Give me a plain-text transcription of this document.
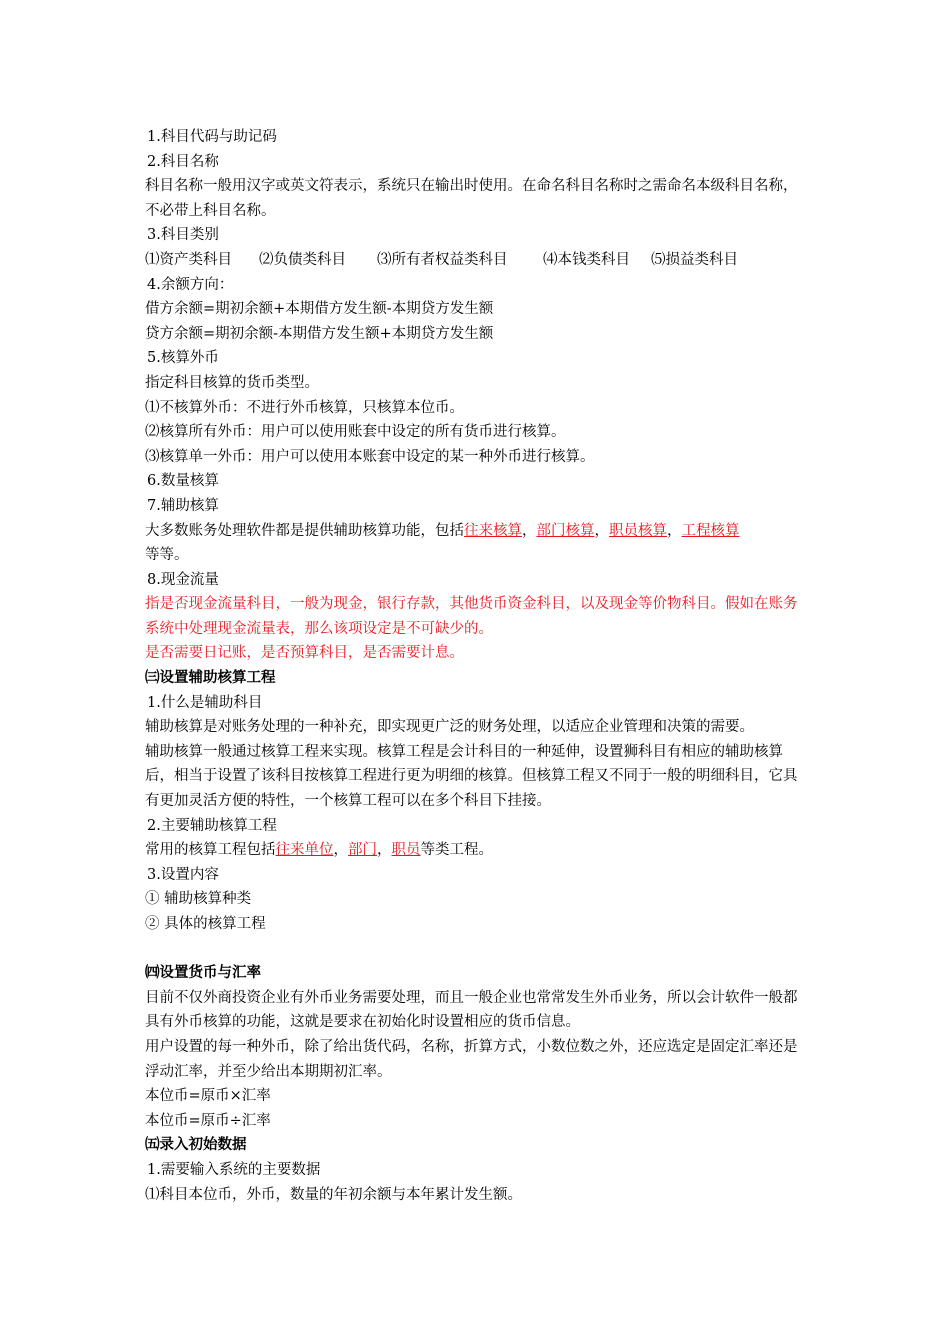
1.科目代码与助记码
2.科目名称
科目名称一般用汉字或英文符表示，系统只在输出时使用。在命名科目名称时之需命名本级科目名称，不必带上科目名称。
3.科目类别
⑴资产类科目 ⑵负债类科目 ⑶所有者权益类科目 ⑷本钱类科目 ⑸损益类科目
4.余额方向：
借方余额=期初余额+本期借方发生额-本期贷方发生额
贷方余额=期初余额-本期借方发生额+本期贷方发生额
5.核算外币
指定科目核算的货币类型。
⑴不核算外币：不进行外币核算，只核算本位币。
⑵核算所有外币：用户可以使用账套中设定的所有货币进行核算。
⑶核算单一外币：用户可以使用本账套中设定的某一种外币进行核算。
6.数量核算
7.辅助核算
大多数账务处理软件都是提供辅助核算功能，包括往来核算，部门核算，职员核算，工程核算
等等。
8.现金流量
指是否现金流量科目，一般为现金，银行存款，其他货币资金科目，以及现金等价物科目。假如在账务系统中处理现金流量表，那么该项设定是不可缺少的。
是否需要日记账，是否预算科目，是否需要计息。
㈢设置辅助核算工程
1.什么是辅助科目
辅助核算是对账务处理的一种补充，即实现更广泛的财务处理，以适应企业管理和决策的需要。
辅助核算一般通过核算工程来实现。核算工程是会计科目的一种延伸，设置狮科目有相应的辅助核算后，相当于设置了该科目按核算工程进行更为明细的核算。但核算工程又不同于一般的明细科目，它具有更加灵活方便的特性，一个核算工程可以在多个科目下挂接。
2.主要辅助核算工程
常用的核算工程包括往来单位，部门，职员等类工程。
3.设置内容
① 辅助核算种类
② 具体的核算工程
㈣设置货币与汇率
目前不仅外商投资企业有外币业务需要处理，而且一般企业也常常发生外币业务，所以会计软件一般都具有外币核算的功能，这就是要求在初始化时设置相应的货币信息。
用户设置的每一种外币，除了给出货代码，名称，折算方式，小数位数之外，还应选定是固定汇率还是浮动汇率，并至少给出本期期初汇率。
本位币=原币×汇率
本位币=原币÷汇率
㈤录入初始数据
1.需要输入系统的主要数据
⑴科目本位币，外币，数量的年初余额与本年累计发生额。
